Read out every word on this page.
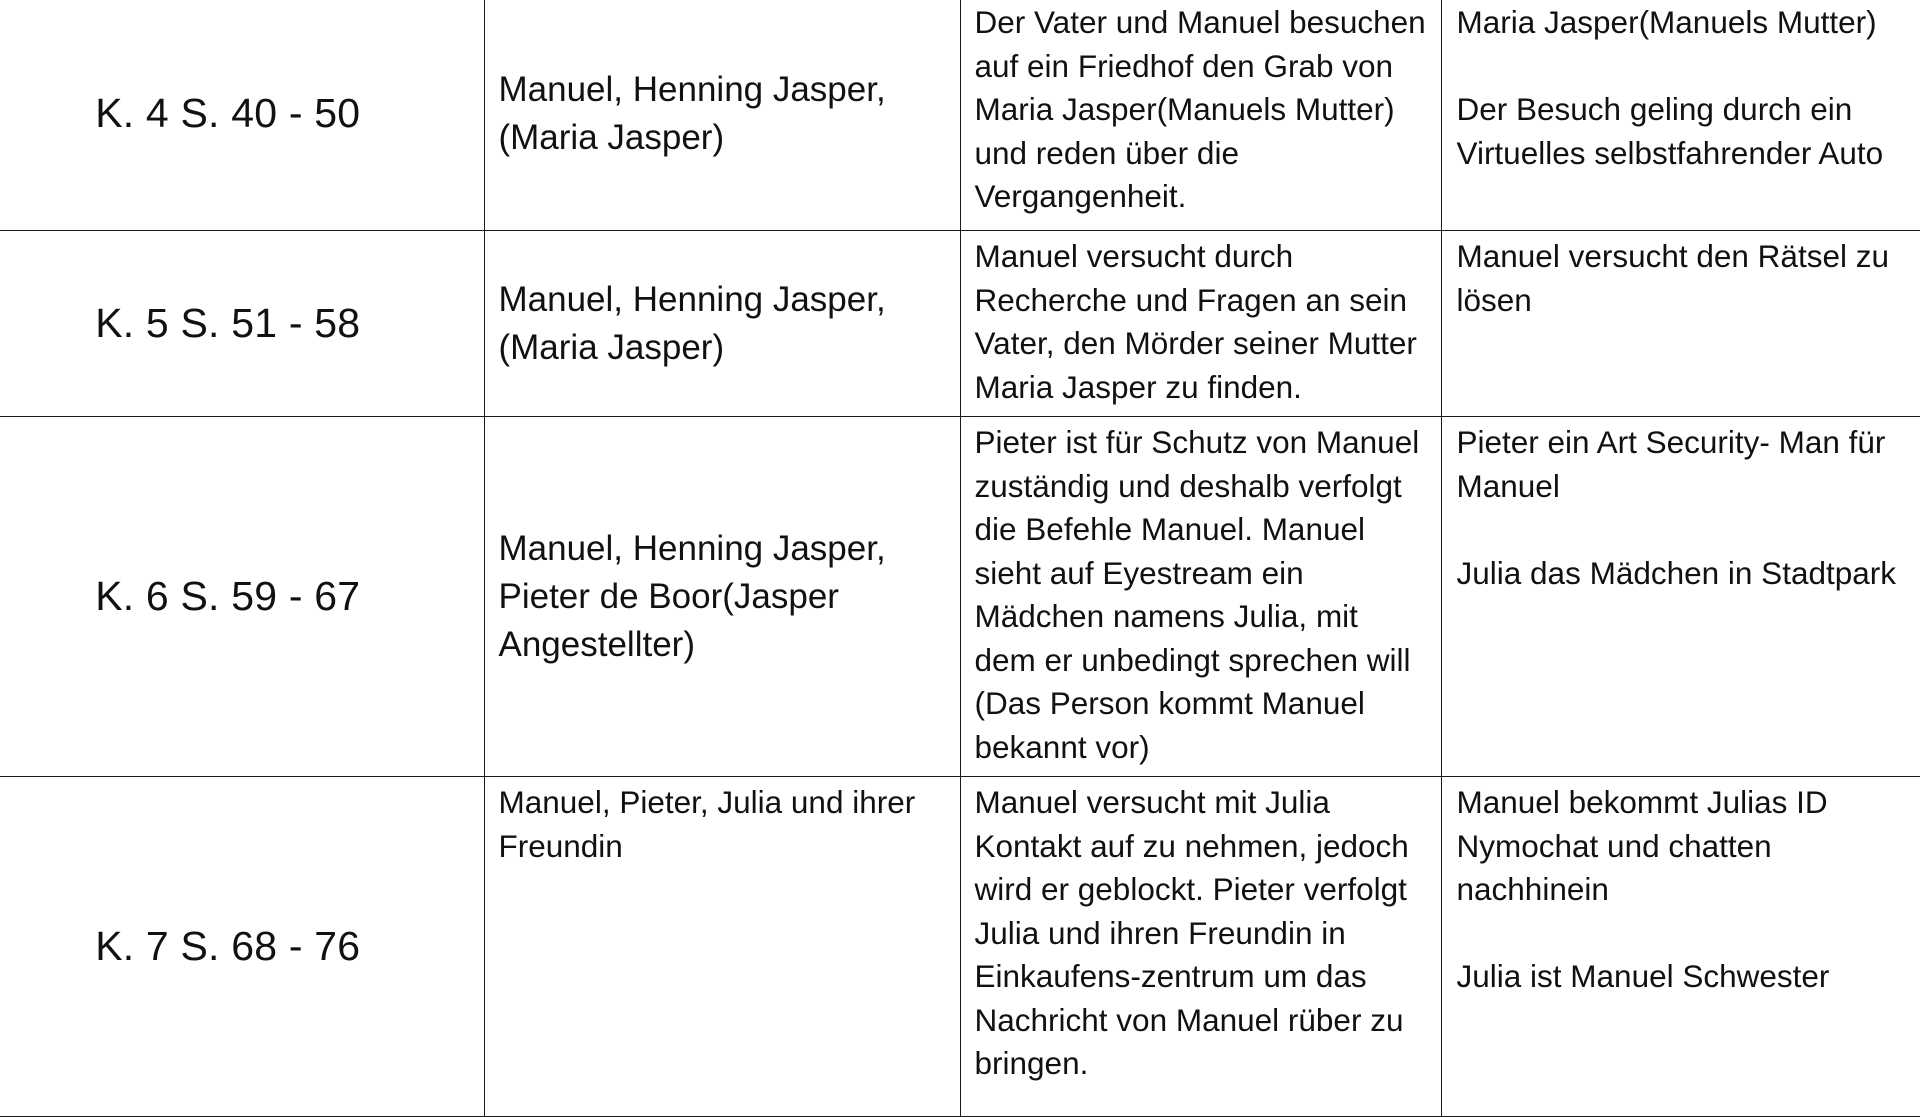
K. 4 S. 40 - 50	Manuel, Henning Jasper, (Maria Jasper)	Der Vater und Manuel besuchen auf ein Friedhof den Grab von Maria Jasper(Manuels Mutter) und reden über die Vergangenheit.	Maria Jasper(Manuels Mutter)

Der Besuch geling durch ein Virtuelles selbstfahrender Auto

K. 5 S. 51 - 58	Manuel, Henning Jasper, (Maria Jasper)	Manuel versucht durch Recherche und Fragen an sein Vater, den Mörder seiner Mutter Maria Jasper zu finden.	Manuel versucht den Rätsel zu lösen

K. 6 S. 59 - 67	Manuel, Henning Jasper, Pieter de Boor(Jasper Angestellter)	Pieter ist für Schutz von Manuel zuständig und deshalb verfolgt die Befehle Manuel. Manuel sieht auf Eyestream ein Mädchen namens Julia, mit dem er unbedingt sprechen will (Das Person kommt Manuel bekannt vor)	Pieter ein Art Security- Man für Manuel

Julia das Mädchen in Stadtpark

K. 7 S. 68 - 76	Manuel, Pieter, Julia und ihrer Freundin	Manuel versucht mit Julia Kontakt auf zu nehmen, jedoch wird er geblockt. Pieter verfolgt Julia und ihren Freundin in Einkaufens-zentrum um das Nachricht von Manuel rüber zu bringen.	Manuel bekommt Julias ID Nymochat und chatten nachhinein

Julia ist Manuel Schwester
